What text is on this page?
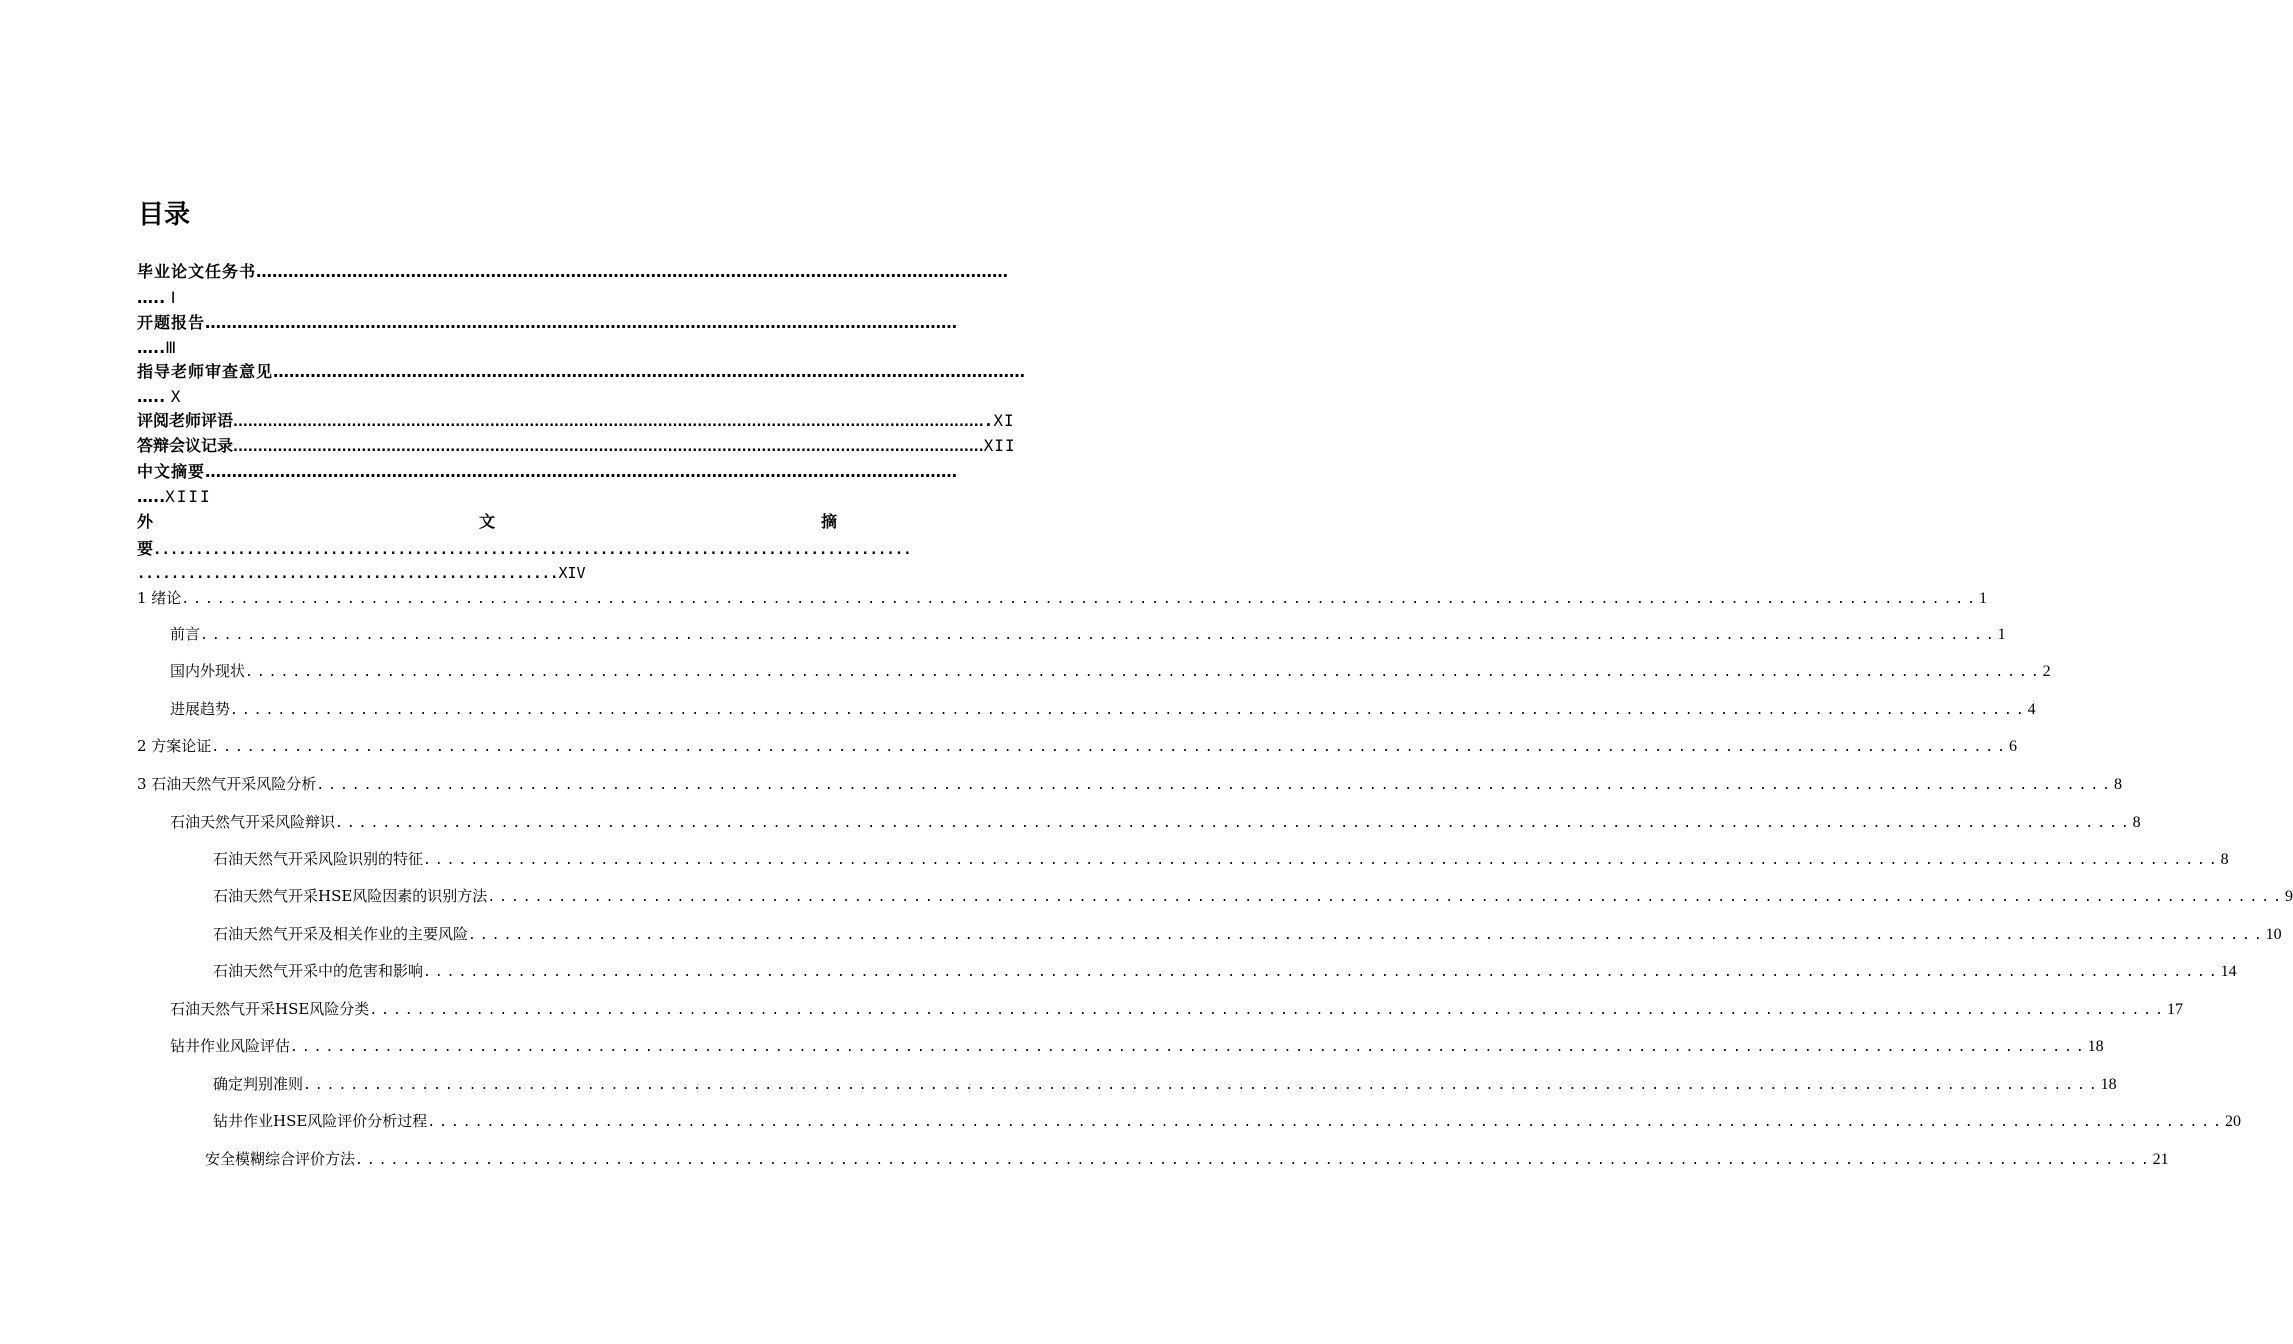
目录
毕业论文任务书……………………………………………………………………………………………………………………………
….. Ⅰ
开题报告……………………………………………………………………………………………………………………………
…..Ⅲ
指导老师审查意见……………………………………………………………………………………………………………………………
….. X
评阅老师评语 .....	. XI
答辩会议记录 .....	XII
中文摘要……………………………………………………………………………………………………………………………
…..XIII
外	文	摘
要..........................................................................................
..................................................XIV
1 绪论 .....	1
前言 .....	1
国内外现状 .....	2
进展趋势 .....	4
2 方案论证 .....	6
3 石油天然气开采风险分析 .....	8
石油天然气开采风险辩识 .....	8
石油天然气开采风险识别的特征 .....	8
石油天然气开采HSE风险因素的识别方法 .....	9
石油天然气开采及相关作业的主要风险 .....	10
石油天然气开采中的危害和影响 .....	14
石油天然气开采HSE风险分类 .....	17
钻井作业风险评估 .....	18
确定判别准则 .....	18
钻井作业HSE风险评价分析过程 .....	20
安全模糊综合评价方法 .....	21
